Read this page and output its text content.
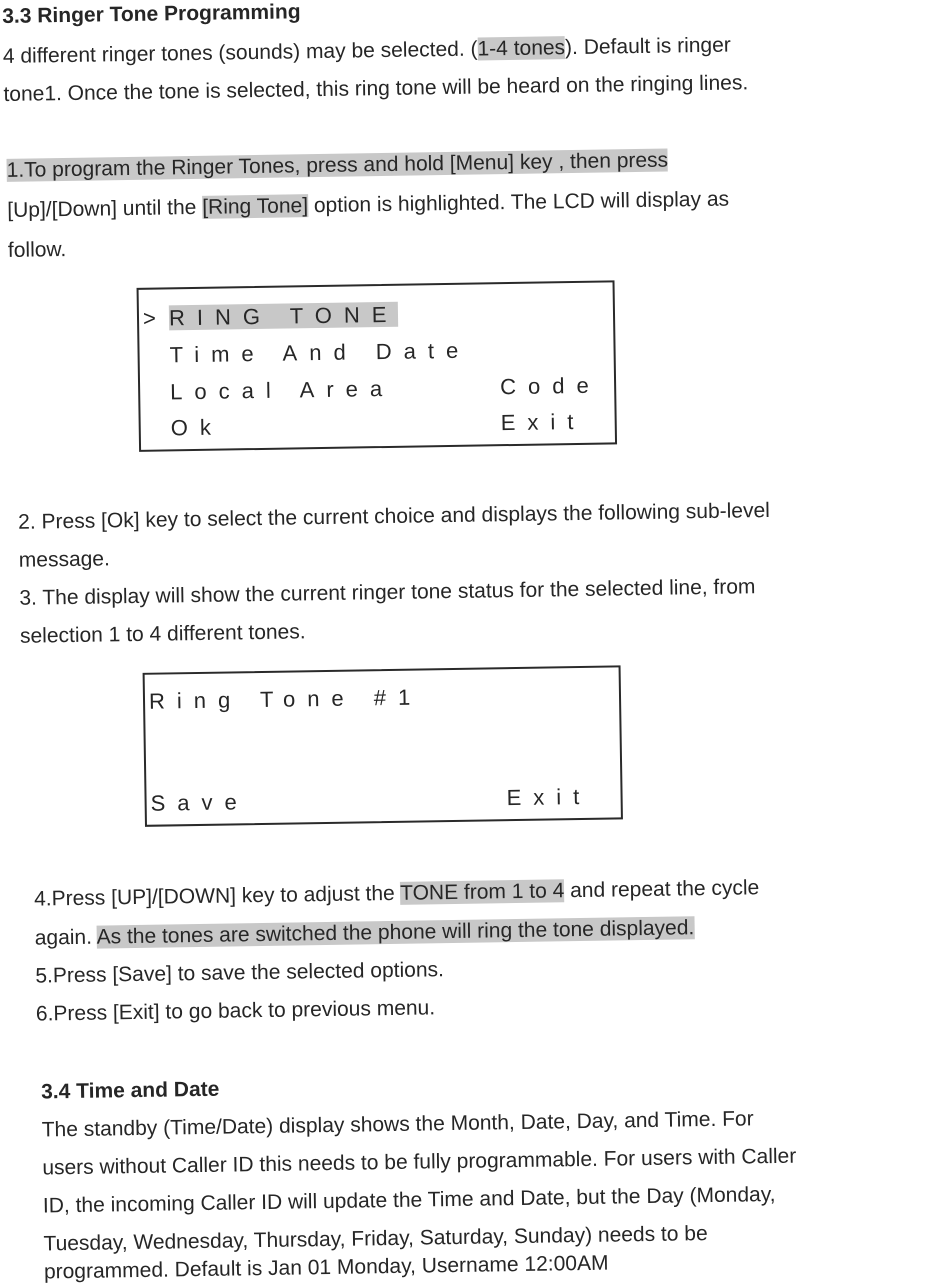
3.3 Ringer Tone Programming
4 different ringer tones (sounds) may be selected. (1-4 tones). Default is ringer
tone1. Once the tone is selected, this ring tone will be heard on the ringing lines.
1.To program the Ringer Tones, press and hold [Menu] key , then press
[Up]/[Down] until the [Ring Tone] option is highlighted. The LCD will display as
follow.
> RING TONE
Time And Date
Local Area	Code
Ok	Exit
2. Press [Ok] key to select the current choice and displays the following sub-level
message.
3. The display will show the current ringer tone status for the selected line, from
selection 1 to 4 different tones.
Ring Tone #1
Save	Exit
4.Press [UP]/[DOWN] key to adjust the TONE from 1 to 4 and repeat the cycle
again. As the tones are switched the phone will ring the tone displayed.
5.Press [Save] to save the selected options.
6.Press [Exit] to go back to previous menu.
3.4 Time and Date
The standby (Time/Date) display shows the Month, Date, Day, and Time. For
users without Caller ID this needs to be fully programmable. For users with Caller
ID, the incoming Caller ID will update the Time and Date, but the Day (Monday,
Tuesday, Wednesday, Thursday, Friday, Saturday, Sunday) needs to be
programmed. Default is Jan 01 Monday, Username 12:00AM
